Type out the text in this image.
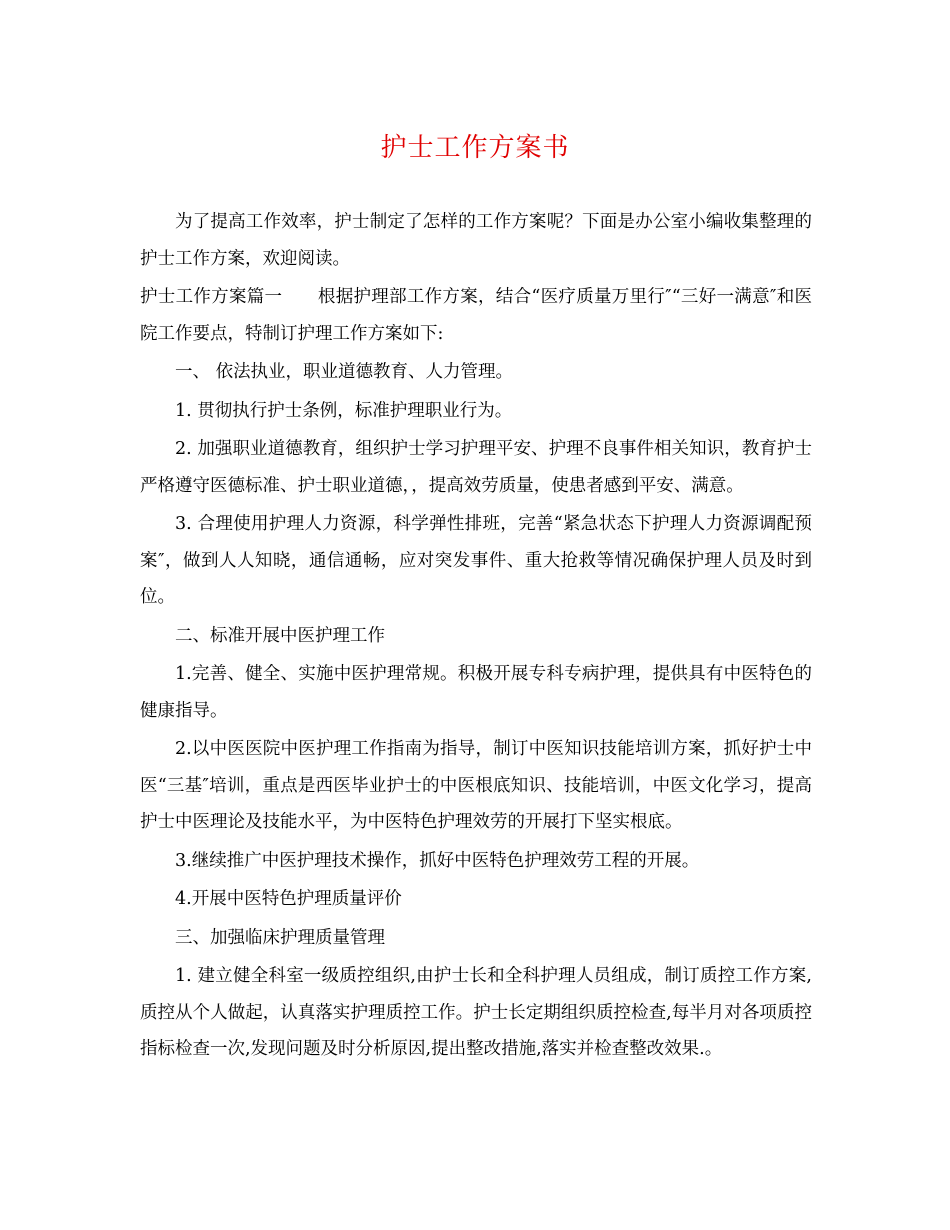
护士工作方案书

为了提高工作效率，护士制定了怎样的工作方案呢？下面是办公室小编收集整理的护士工作方案，欢迎阅读。

护士工作方案篇一　　根据护理部工作方案，结合“医疗质量万里行″“三好一满意″和医院工作要点，特制订护理工作方案如下:

一、 依法执业，职业道德教育、人力管理。

1. 贯彻执行护士条例，标准护理职业行为。

2. 加强职业道德教育，组织护士学习护理平安、护理不良事件相关知识，教育护士严格遵守医德标准、护士职业道德，，提高效劳质量，使患者感到平安、满意。

3. 合理使用护理人力资源，科学弹性排班，完善“紧急状态下护理人力资源调配预案″，做到人人知晓，通信通畅，应对突发事件、重大抢救等情况确保护理人员及时到位。

二、标准开展中医护理工作

1.完善、健全、实施中医护理常规。积极开展专科专病护理，提供具有中医特色的健康指导。

2.以中医医院中医护理工作指南为指导，制订中医知识技能培训方案，抓好护士中医“三基″培训，重点是西医毕业护士的中医根底知识、技能培训，中医文化学习，提高护士中医理论及技能水平，为中医特色护理效劳的开展打下坚实根底。

3.继续推广中医护理技术操作，抓好中医特色护理效劳工程的开展。

4.开展中医特色护理质量评价

三、加强临床护理质量管理

1. 建立健全科室一级质控组织,由护士长和全科护理人员组成，制订质控工作方案, 质控从个人做起，认真落实护理质控工作。护士长定期组织质控检查,每半月对各项质控指标检查一次,发现问题及时分析原因,提出整改措施,落实并检查整改效果.。
